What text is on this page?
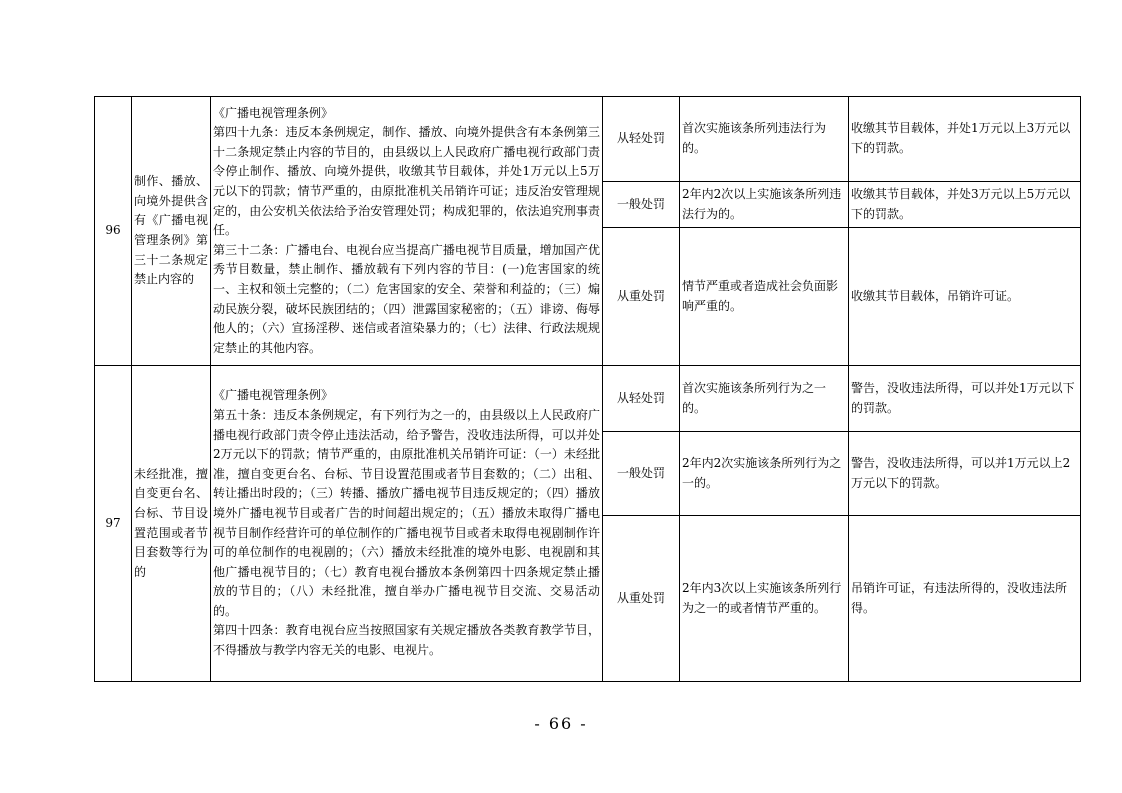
96	制作、播放、向境外提供含有《广播电视管理条例》第三十二条规定禁止内容的	《广播电视管理条例》
第四十九条：违反本条例规定，制作、播放、向境外提供含有本条例第三十二条规定禁止内容的节目的，由县级以上人民政府广播电视行政部门责令停止制作、播放、向境外提供，收缴其节目载体，并处1万元以上5万元以下的罚款；情节严重的，由原批准机关吊销许可证；违反治安管理规定的，由公安机关依法给予治安管理处罚；构成犯罪的，依法追究刑事责任。
第三十二条：广播电台、电视台应当提高广播电视节目质量，增加国产优秀节目数量，禁止制作、播放载有下列内容的节目：(一)危害国家的统一、主权和领土完整的；（二）危害国家的安全、荣誉和利益的；（三）煽动民族分裂，破坏民族团结的；（四）泄露国家秘密的；（五）诽谤、侮辱他人的；（六）宣扬淫秽、迷信或者渲染暴力的；（七）法律、行政法规规定禁止的其他内容。	从轻处罚	首次实施该条所列违法行为的。	收缴其节目载体，并处1万元以上3万元以下的罚款。
			一般处罚	2年内2次以上实施该条所列违法行为的。	收缴其节目载体，并处3万元以上5万元以下的罚款。
			从重处罚	情节严重或者造成社会负面影响严重的。	收缴其节目载体，吊销许可证。
97	未经批准，擅自变更台名、台标、节目设置范围或者节目套数等行为的	《广播电视管理条例》
第五十条：违反本条例规定，有下列行为之一的，由县级以上人民政府广播电视行政部门责令停止违法活动，给予警告，没收违法所得，可以并处2万元以下的罚款；情节严重的，由原批准机关吊销许可证：（一）未经批准，擅自变更台名、台标、节目设置范围或者节目套数的；（二）出租、转让播出时段的；（三）转播、播放广播电视节目违反规定的；（四）播放境外广播电视节目或者广告的时间超出规定的；（五）播放未取得广播电视节目制作经营许可的单位制作的广播电视节目或者未取得电视剧制作许可的单位制作的电视剧的；（六）播放未经批准的境外电影、电视剧和其他广播电视节目的；（七）教育电视台播放本条例第四十四条规定禁止播放的节目的；（八）未经批准，擅自举办广播电视节目交流、交易活动的。
第四十四条：教育电视台应当按照国家有关规定播放各类教育教学节目，不得播放与教学内容无关的电影、电视片。	从轻处罚	首次实施该条所列行为之一的。	警告，没收违法所得，可以并处1万元以下的罚款。
			一般处罚	2年内2次实施该条所列行为之一的。	警告，没收违法所得，可以并1万元以上2万元以下的罚款。
			从重处罚	2年内3次以上实施该条所列行为之一的或者情节严重的。	吊销许可证，有违法所得的，没收违法所得。
- 66 -
